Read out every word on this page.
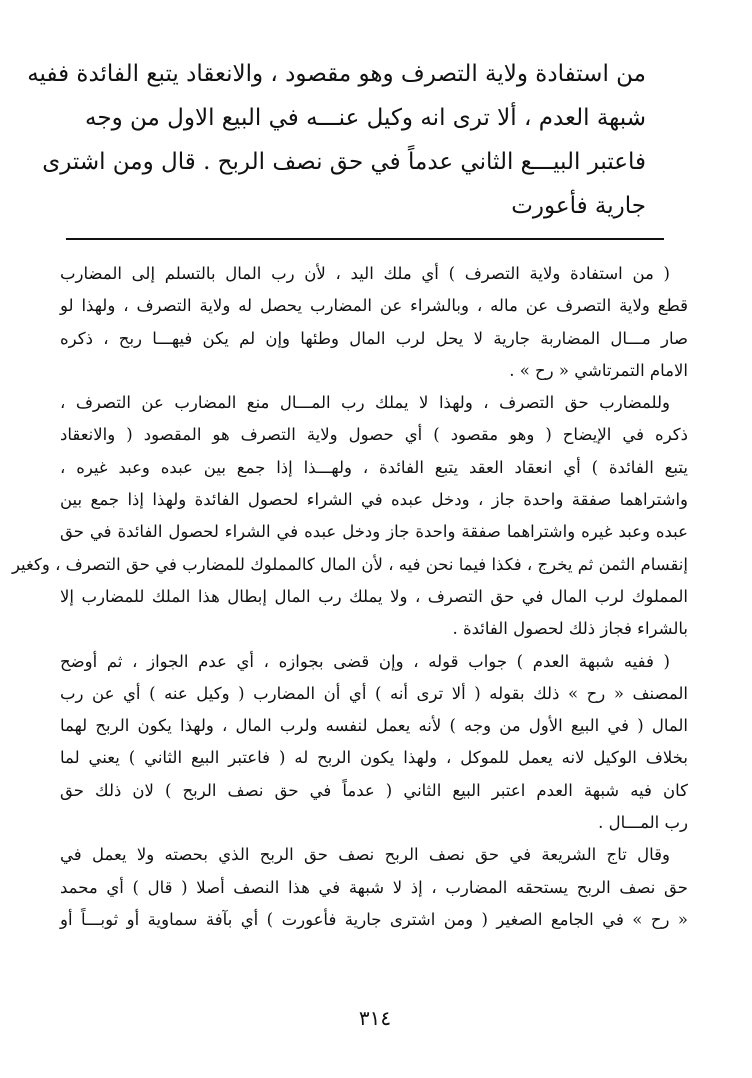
من استفادة ولاية التصرف وهو مقصود ، والانعقاد يتبع الفائدة ففيه
شبهة العدم ، ألا ترى انه وكيل عنـــه في البيع الاول من وجه
فاعتبر البيـــع الثاني عدماً في حق نصف الربح . قال ومن اشترى
جارية فأعورت
( من استفادة ولاية التصرف ) أي ملك اليد ، لأن رب المال بالتسلم إلى المضارب
قطع ولاية التصرف عن ماله ، وبالشراء عن المضارب يحصل له ولاية التصرف ، ولهذا لو
صار مـــال المضاربة جارية لا يحل لرب المال وطئها وإن لم يكن فيهـــا ربح ، ذكره
الامام التمرتاشي « رح » .
وللمضارب حق التصرف ، ولهذا لا يملك رب المـــال منع المضارب عن التصرف ،
ذكره في الإيضاح ( وهو مقصود ) أي حصول ولاية التصرف هو المقصود ( والانعقاد
يتبع الفائدة ) أي انعقاد العقد يتبع الفائدة ، ولهـــذا إذا جمع بين عبده وعبد غيره ،
واشتراهما صفقة واحدة جاز ، ودخل عبده في الشراء لحصول الفائدة ولهذا إذا جمع بين
عبده وعبد غيره واشتراهما صفقة واحدة جاز ودخل عبده في الشراء لحصول الفائدة في حق
إنقسام الثمن ثم يخرج ، فكذا فيما نحن فيه ، لأن المال كالمملوك للمضارب في حق التصرف ، وكغير
المملوك لرب المال في حق التصرف ، ولا يملك رب المال إبطال هذا الملك للمضارب إلا
بالشراء فجاز ذلك لحصول الفائدة .
( ففيه شبهة العدم ) جواب قوله ، وإن قضى بجوازه ، أي عدم الجواز ، ثم أوضح
المصنف « رح » ذلك بقوله ( ألا ترى أنه ) أي أن المضارب ( وكيل عنه ) أي عن رب
المال ( في البيع الأول من وجه ) لأنه يعمل لنفسه ولرب المال ، ولهذا يكون الربح لهما
بخلاف الوكيل لانه يعمل للموكل ، ولهذا يكون الربح له ( فاعتبر البيع الثاني ) يعني لما
كان فيه شبهة العدم اعتبر البيع الثاني ( عدماً في حق نصف الربح ) لان ذلك حق
رب المـــال .
وقال تاج الشريعة في حق نصف الربح نصف حق الربح الذي بحصته ولا يعمل في
حق نصف الربح يستحقه المضارب ، إذ لا شبهة في هذا النصف أصلا ( قال ) أي محمد
« رح » في الجامع الصغير ( ومن اشترى جارية فأعورت ) أي بآفة سماوية أو ثوبـــاً أو
٣١٤
